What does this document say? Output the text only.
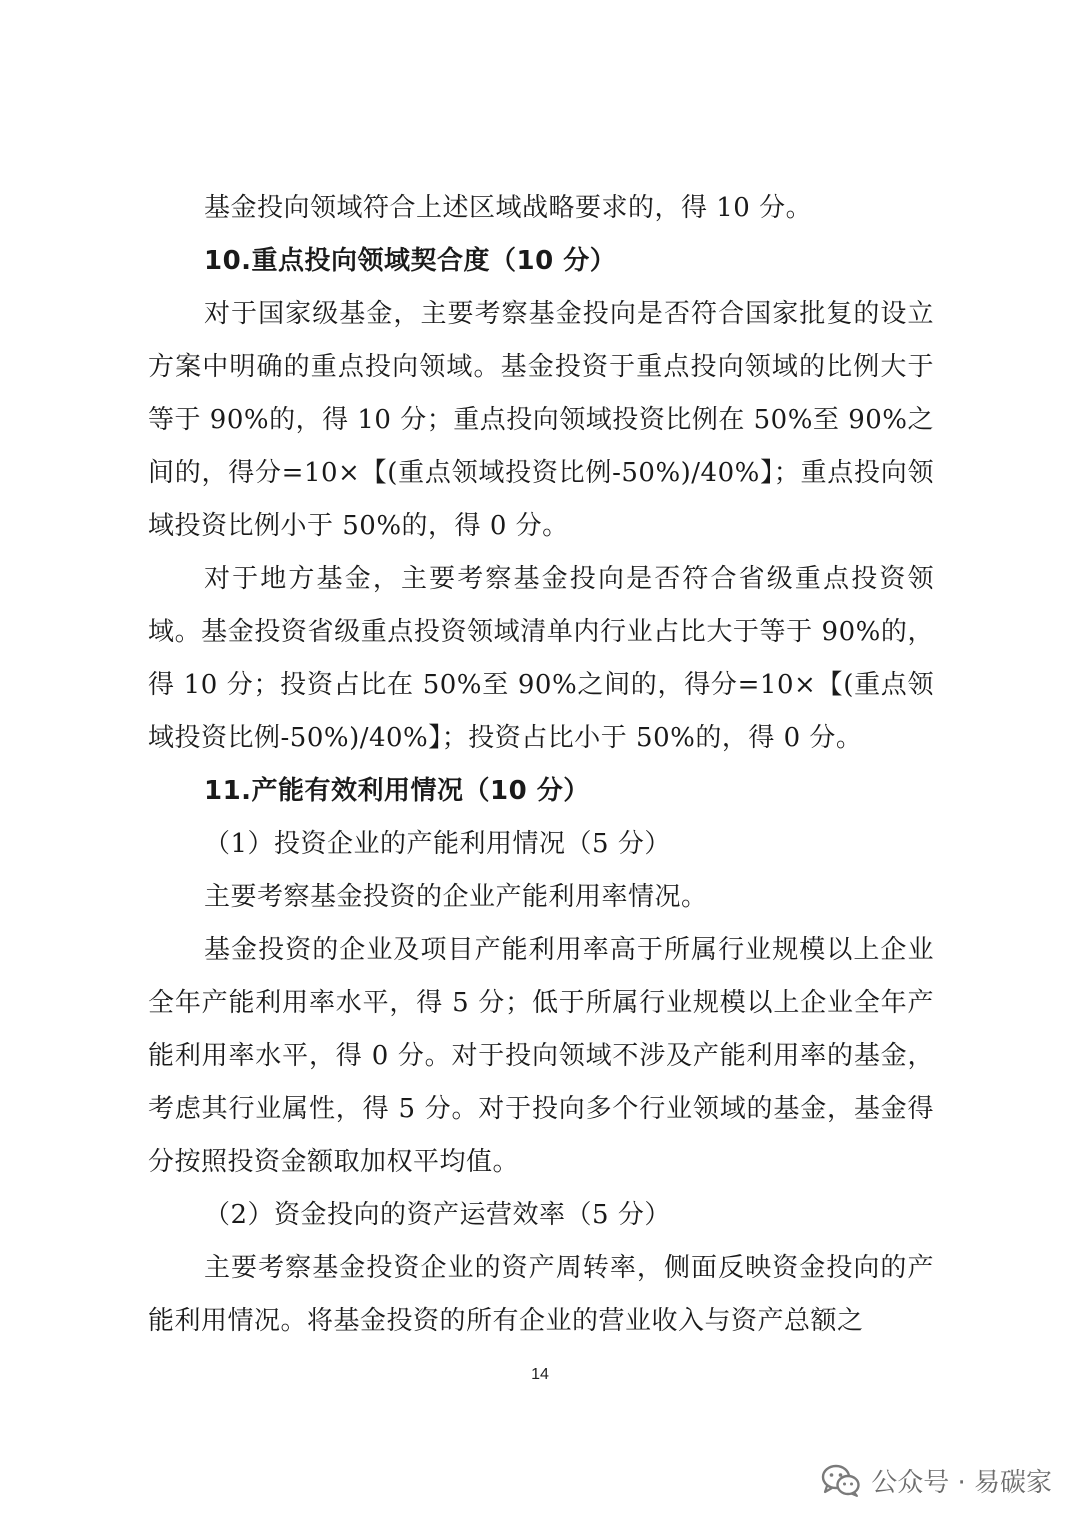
基金投向领域符合上述区域战略要求的，得 10 分。

10.重点投向领域契合度（10 分）

对于国家级基金，主要考察基金投向是否符合国家批复的设立方案中明确的重点投向领域。基金投资于重点投向领域的比例大于等于 90%的，得 10 分；重点投向领域投资比例在 50%至 90%之间的，得分=10×【(重点领域投资比例-50%)/40%】；重点投向领域投资比例小于 50%的，得 0 分。

对于地方基金，主要考察基金投向是否符合省级重点投资领域。基金投资省级重点投资领域清单内行业占比大于等于 90%的，得 10 分；投资占比在 50%至 90%之间的，得分=10×【(重点领域投资比例-50%)/40%】；投资占比小于 50%的，得 0 分。

11.产能有效利用情况（10 分）

（1）投资企业的产能利用情况（5 分）

主要考察基金投资的企业产能利用率情况。

基金投资的企业及项目产能利用率高于所属行业规模以上企业全年产能利用率水平，得 5 分；低于所属行业规模以上企业全年产能利用率水平，得 0 分。对于投向领域不涉及产能利用率的基金，考虑其行业属性，得 5 分。对于投向多个行业领域的基金，基金得分按照投资金额取加权平均值。

（2）资金投向的资产运营效率（5 分）

主要考察基金投资企业的资产周转率，侧面反映资金投向的产能利用情况。将基金投资的所有企业的营业收入与资产总额之

14
公众号 · 易碳家
